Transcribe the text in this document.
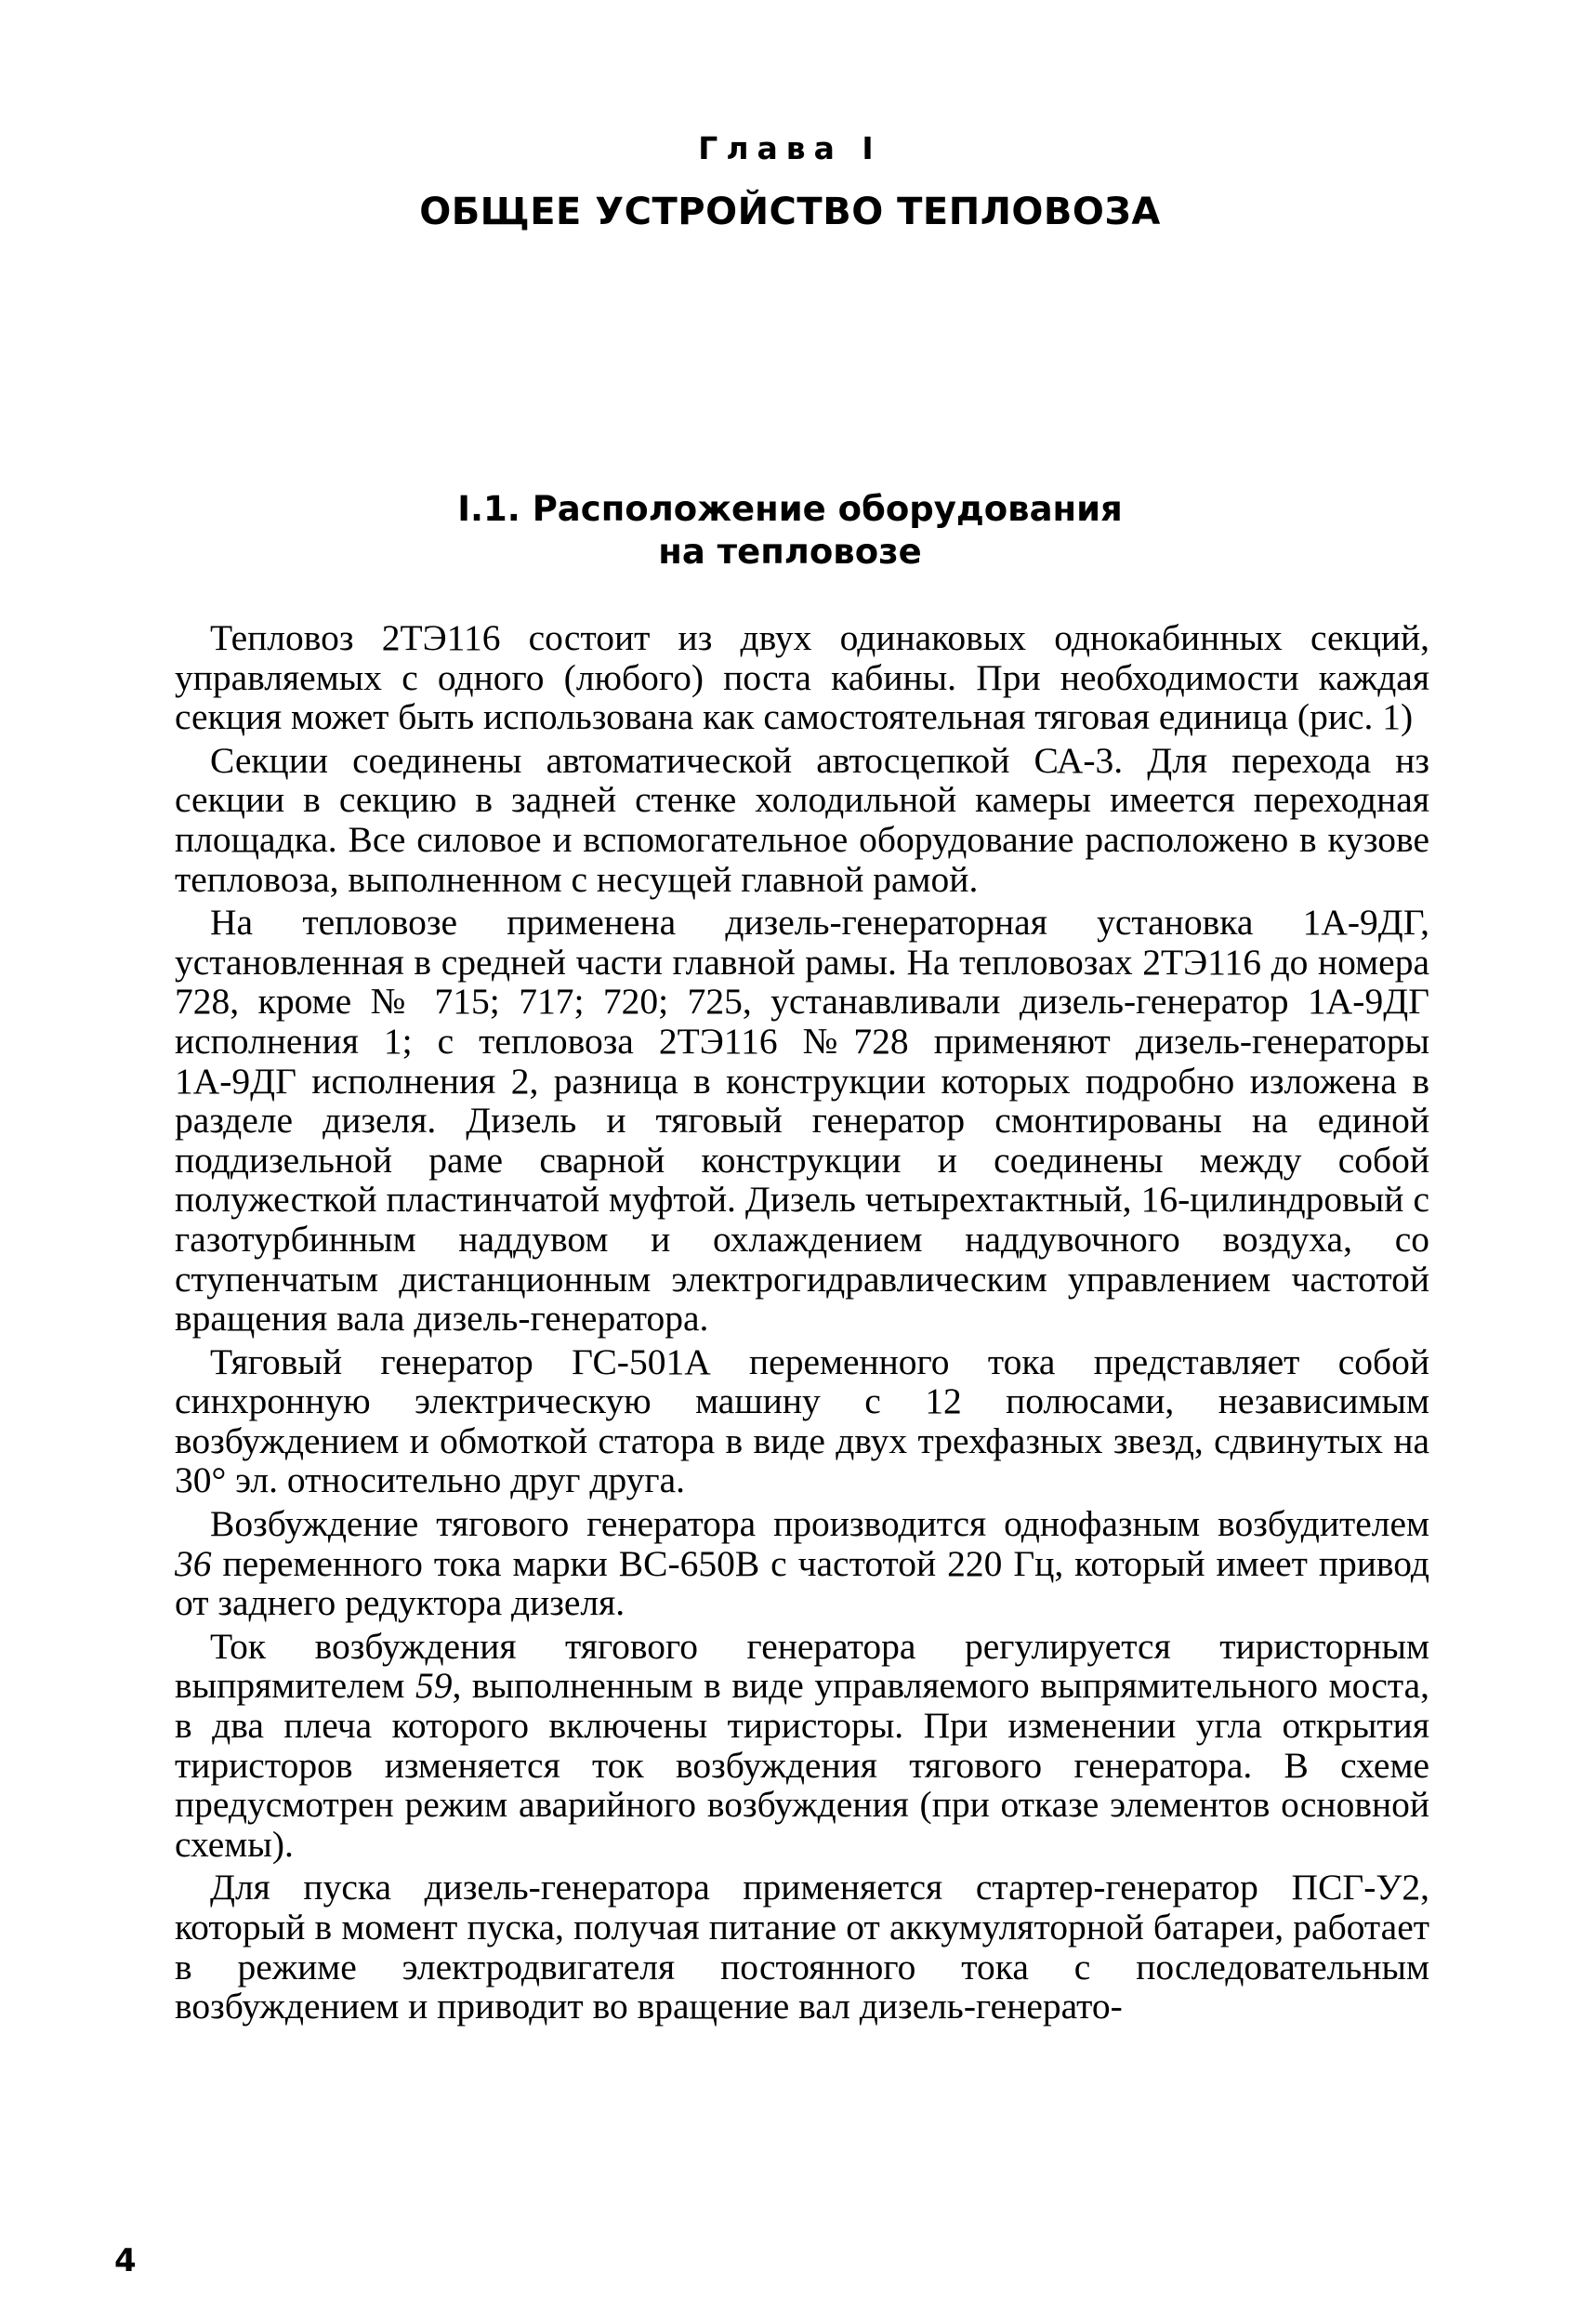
Глава I
ОБЩЕЕ УСТРОЙСТВО ТЕПЛОВОЗА
I.1. Расположение оборудования
на тепловозе

Тепловоз 2ТЭ116 состоит из двух одинаковых однокабинных секций, управляемых с одного (любого) поста кабины. При необходимости каждая секция может быть использована как самостоятельная тяговая единица (рис. 1)

Секции соединены автоматической автосцепкой СА-3. Для перехода нз секции в секцию в задней стенке холодильной камеры имеется переходная площадка. Все силовое и вспомогательное оборудование расположено в кузове тепловоза, выполненном с несущей главной рамой.

На тепловозе применена дизель-генераторная установка 1А-9ДГ, установленная в средней части главной рамы. На тепловозах 2ТЭ116 до номера 728, кроме № 715; 717; 720; 725, устанавливали дизель-генератор 1А-9ДГ исполнения 1; с тепловоза 2ТЭ116 №728 применяют дизель-генераторы 1А-9ДГ исполнения 2, разница в конструкции которых подробно изложена в разделе дизеля. Дизель и тяговый генератор смонтированы на единой поддизельной раме сварной конструкции и соединены между собой полужесткой пластинчатой муфтой. Дизель четырехтактный, 16-цилиндровый с газотурбинным наддувом и охлаждением наддувочного воздуха, со ступенчатым дистанционным электрогидравлическим управлением частотой вращения вала дизель-генератора.

Тяговый генератор ГС-501А переменного тока представляет собой синхронную электрическую машину с 12 полюсами, независимым возбуждением и обмоткой статора в виде двух трехфазных звезд, сдвинутых на 30° эл. относительно друг друга.

Возбуждение тягового генератора производится однофазным возбудителем 36 переменного тока марки ВС-650В с частотой 220 Гц, который имеет привод от заднего редуктора дизеля.

Ток возбуждения тягового генератора регулируется тиристорным выпрямителем 59, выполненным в виде управляемого выпрямительного моста, в два плеча которого включены тиристоры. При изменении угла открытия тиристоров изменяется ток возбуждения тягового генератора. В схеме предусмотрен режим аварийного возбуждения (при отказе элементов основной схемы).

Для пуска дизель-генератора применяется стартер-генератор ПСГ-У2, который в момент пуска, получая питание от аккумуляторной батареи, работает в режиме электродвигателя постоянного тока с последовательным возбуждением и приводит во вращение вал дизель-генерато-

4
